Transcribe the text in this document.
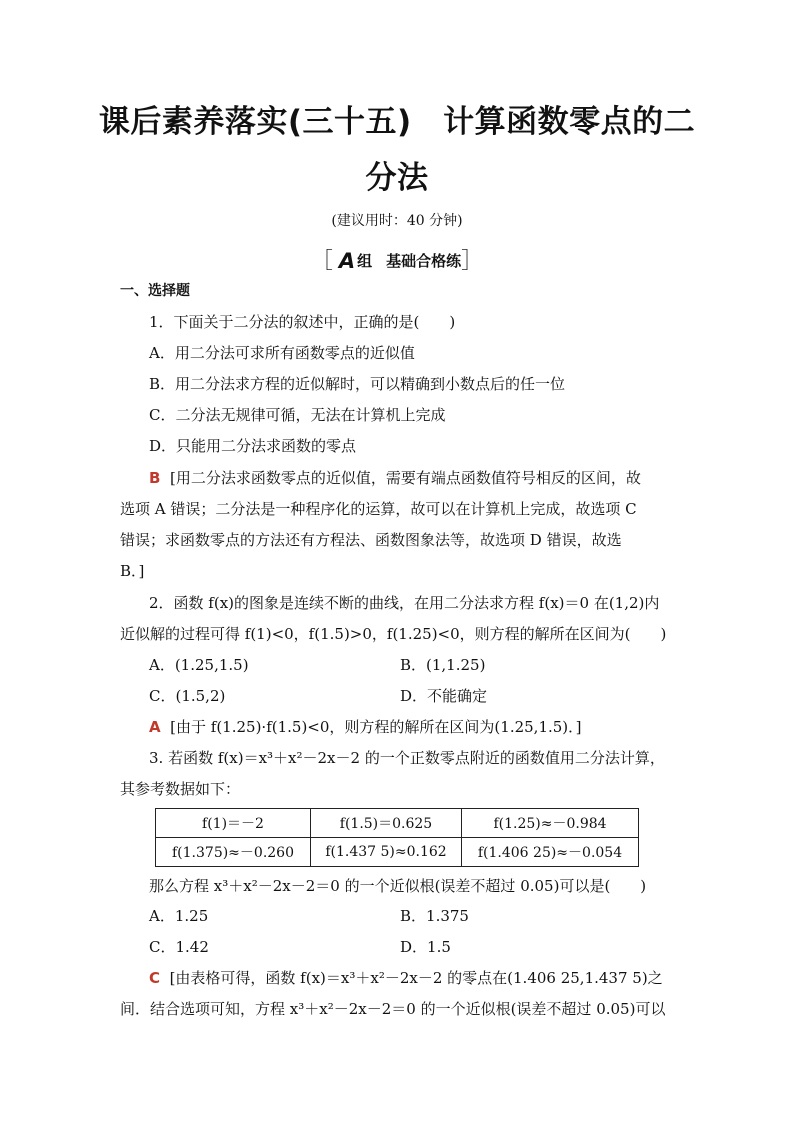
课后素养落实(三十五)　计算函数零点的二
分法
(建议用时：40 分钟)
［ A 组 基础合格练］
一、选择题
1．下面关于二分法的叙述中，正确的是(　　)
A．用二分法可求所有函数零点的近似值
B．用二分法求方程的近似解时，可以精确到小数点后的任一位
C．二分法无规律可循，无法在计算机上完成
D．只能用二分法求函数的零点
B [用二分法求函数零点的近似值，需要有端点函数值符号相反的区间，故
选项 A 错误；二分法是一种程序化的运算，故可以在计算机上完成，故选项 C
错误；求函数零点的方法还有方程法、函数图象法等，故选项 D 错误，故选
B．]
2．函数 f(x)的图象是连续不断的曲线，在用二分法求方程 f(x)＝0 在(1,2)内
近似解的过程可得 f(1)<0，f(1.5)>0，f(1.25)<0，则方程的解所在区间为(　　)
A．(1.25,1.5)	B．(1,1.25)
C．(1.5,2)	D．不能确定
A [由于 f(1.25)·f(1.5)<0，则方程的解所在区间为(1.25,1.5)．]
3. 若函数 f(x)＝x³＋x²－2x－2 的一个正数零点附近的函数值用二分法计算，
其参考数据如下：
f(1)＝－2	f(1.5)＝0.625	f(1.25)≈－0.984
f(1.375)≈－0.260	f(1.437 5)≈0.162	f(1.406 25)≈－0.054
那么方程 x³＋x²－2x－2＝0 的一个近似根(误差不超过 0.05)可以是(　　)
A．1.25	B．1.375
C．1.42	D．1.5
C [由表格可得，函数 f(x)＝x³＋x²－2x－2 的零点在(1.406 25,1.437 5)之
间．结合选项可知，方程 x³＋x²－2x－2＝0 的一个近似根(误差不超过 0.05)可以
